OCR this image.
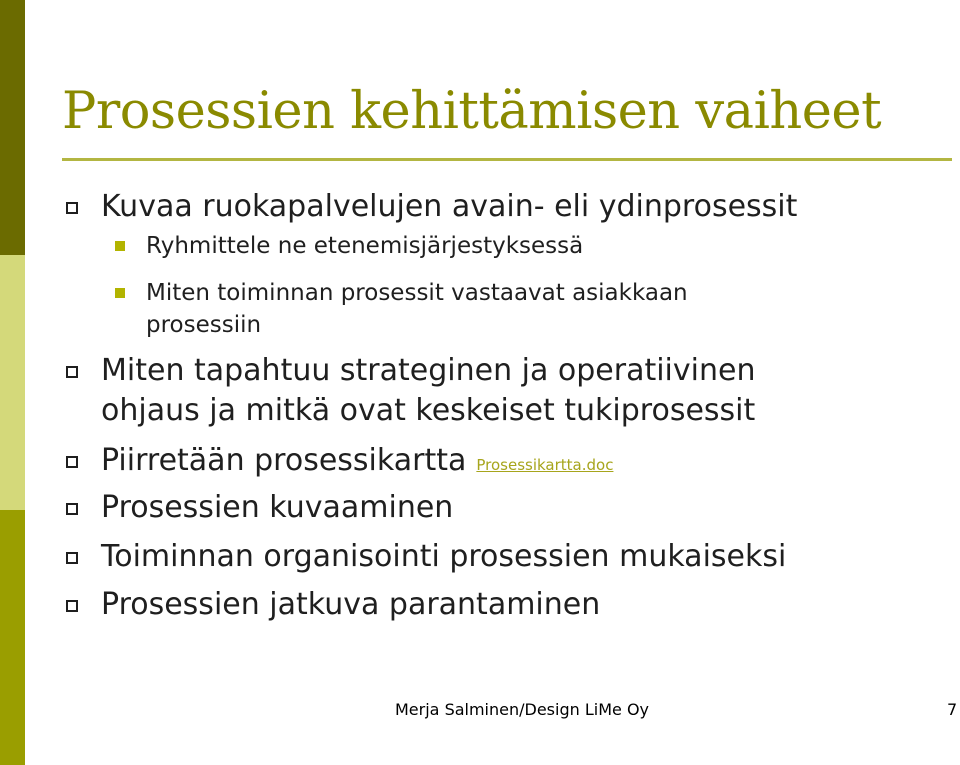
Prosessien kehittämisen vaiheet
Kuvaa ruokapalvelujen avain- eli ydinprosessit
Ryhmittele ne etenemisjärjestyksessä
Miten toiminnan prosessit vastaavat asiakkaan
prosessiin
Miten tapahtuu strateginen ja operatiivinen
ohjaus ja mitkä ovat keskeiset tukiprosessit
Piirretään prosessikartta Prosessikartta.doc
Prosessien kuvaaminen
Toiminnan organisointi prosessien mukaiseksi
Prosessien jatkuva parantaminen
Merja Salminen/Design LiMe Oy	7
